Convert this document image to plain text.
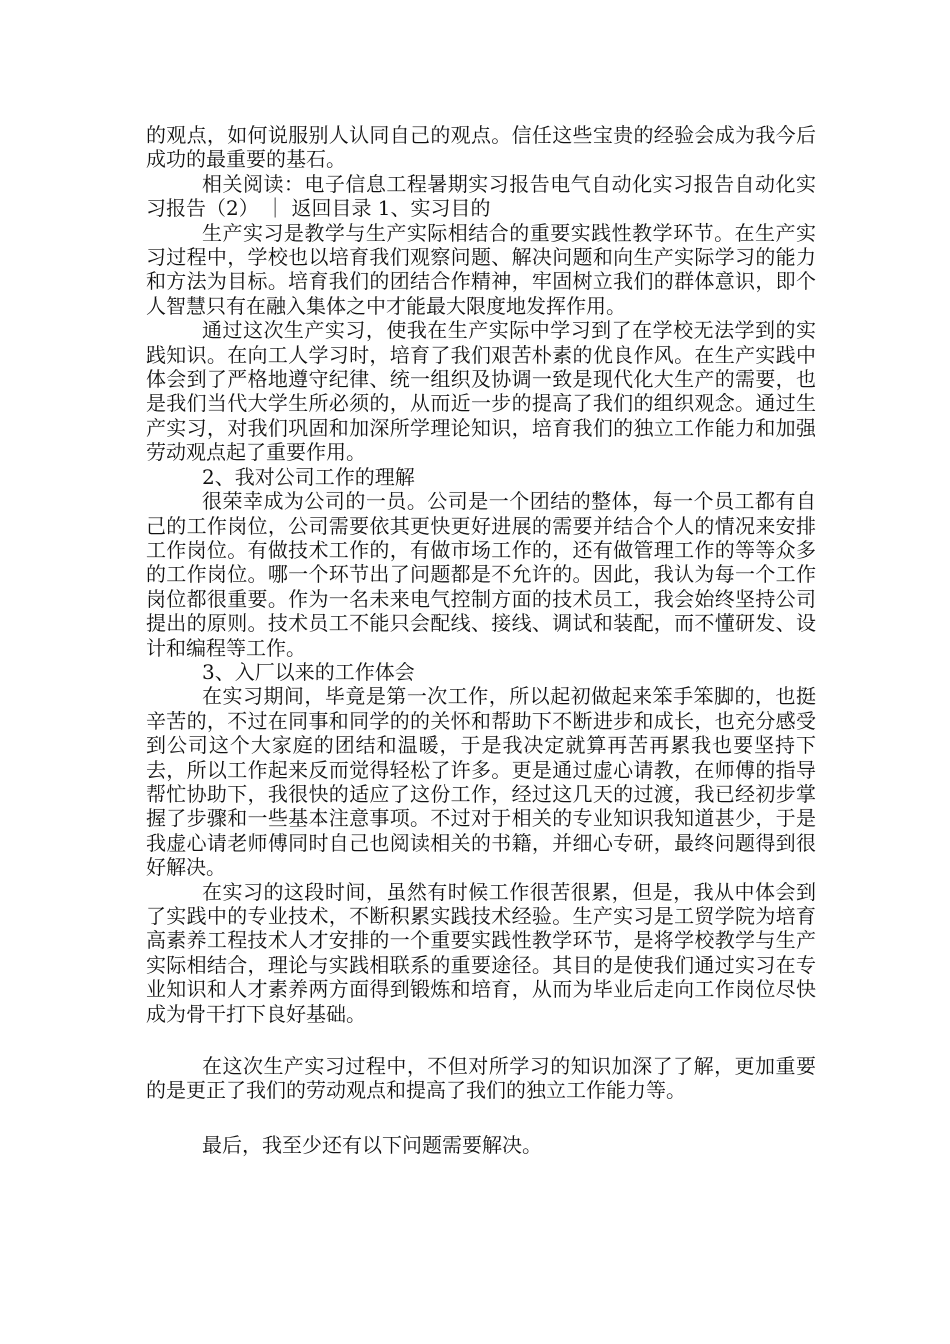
的观点，如何说服别人认同自己的观点。信任这些宝贵的经验会成为我今后成功的最重要的基石。

相关阅读：电子信息工程暑期实习报告电气自动化实习报告自动化实习报告（2） ｜ 返回目录 1、实习目的

生产实习是教学与生产实际相结合的重要实践性教学环节。在生产实习过程中，学校也以培育我们观察问题、解决问题和向生产实际学习的能力和方法为目标。培育我们的团结合作精神，牢固树立我们的群体意识，即个人智慧只有在融入集体之中才能最大限度地发挥作用。

通过这次生产实习，使我在生产实际中学习到了在学校无法学到的实践知识。在向工人学习时，培育了我们艰苦朴素的优良作风。在生产实践中体会到了严格地遵守纪律、统一组织及协调一致是现代化大生产的需要，也是我们当代大学生所必须的，从而近一步的提高了我们的组织观念。通过生产实习，对我们巩固和加深所学理论知识，培育我们的独立工作能力和加强劳动观点起了重要作用。

2、我对公司工作的理解

很荣幸成为公司的一员。公司是一个团结的整体，每一个员工都有自己的工作岗位，公司需要依其更快更好进展的需要并结合个人的情况来安排工作岗位。有做技术工作的，有做市场工作的，还有做管理工作的等等众多的工作岗位。哪一个环节出了问题都是不允许的。因此，我认为每一个工作岗位都很重要。作为一名未来电气控制方面的技术员工，我会始终坚持公司提出的原则。技术员工不能只会配线、接线、调试和装配，而不懂研发、设计和编程等工作。

3、入厂以来的工作体会

在实习期间，毕竟是第一次工作，所以起初做起来笨手笨脚的，也挺辛苦的，不过在同事和同学的的关怀和帮助下不断进步和成长，也充分感受到公司这个大家庭的团结和温暖，于是我决定就算再苦再累我也要坚持下去，所以工作起来反而觉得轻松了许多。更是通过虚心请教，在师傅的指导帮忙协助下，我很快的适应了这份工作，经过这几天的过渡，我已经初步掌握了步骤和一些基本注意事项。不过对于相关的专业知识我知道甚少，于是我虚心请老师傅同时自己也阅读相关的书籍，并细心专研，最终问题得到很好解决。

在实习的这段时间，虽然有时候工作很苦很累，但是，我从中体会到了实践中的专业技术，不断积累实践技术经验。生产实习是工贸学院为培育高素养工程技术人才安排的一个重要实践性教学环节，是将学校教学与生产实际相结合，理论与实践相联系的重要途径。其目的是使我们通过实习在专业知识和人才素养两方面得到锻炼和培育，从而为毕业后走向工作岗位尽快成为骨干打下良好基础。

在这次生产实习过程中，不但对所学习的知识加深了了解，更加重要的是更正了我们的劳动观点和提高了我们的独立工作能力等。

最后，我至少还有以下问题需要解决。
